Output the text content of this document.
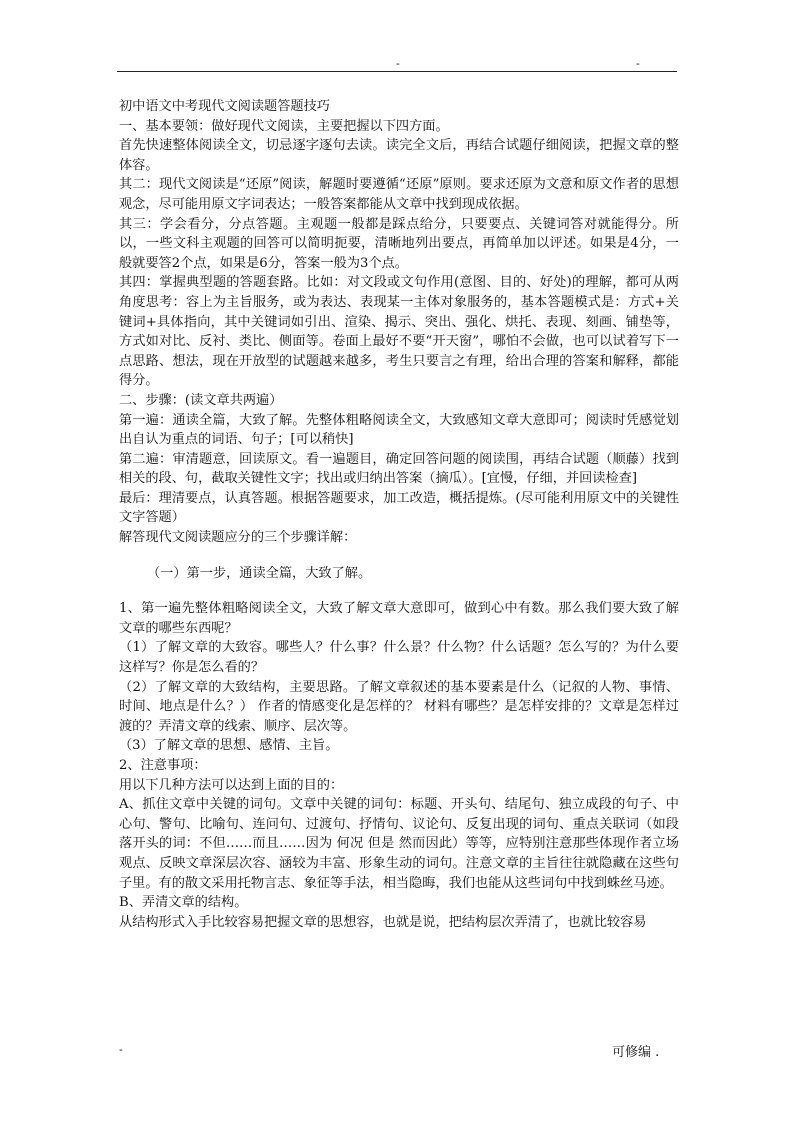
-	-

初中语文中考现代文阅读题答题技巧

一、基本要领：做好现代文阅读，主要把握以下四方面。

首先快速整体阅读全文，切忌逐字逐句去读。读完全文后，再结合试题仔细阅读，把握文章的整体容。

其二：现代文阅读是“还原”阅读，解题时要遵循“还原”原则。要求还原为文意和原文作者的思想观念，尽可能用原文字词表达；一般答案都能从文章中找到现成依据。

其三：学会看分，分点答题。主观题一般都是踩点给分，只要要点、关键词答对就能得分。所以，一些文科主观题的回答可以简明扼要，清晰地列出要点，再简单加以评述。如果是4分，一般就要答2个点，如果是6分，答案一般为3个点。

其四：掌握典型题的答题套路。比如：对文段或文句作用(意图、目的、好处)的理解，都可从两角度思考：容上为主旨服务，或为表达、表现某一主体对象服务的，基本答题模式是：方式+关键词+具体指向，其中关键词如引出、渲染、揭示、突出、强化、烘托、表现、刻画、铺垫等，方式如对比、反衬、类比、侧面等。卷面上最好不要“开天窗”，哪怕不会做，也可以试着写下一点思路、想法，现在开放型的试题越来越多，考生只要言之有理，给出合理的答案和解释，都能得分。

二、步骤：(读文章共两遍）

第一遍：通读全篇，大致了解。先整体粗略阅读全文，大致感知文章大意即可；阅读时凭感觉划出自认为重点的词语、句子；[可以稍快]

第二遍：审清题意，回读原文。看一遍题目，确定回答问题的阅读围，再结合试题（顺藤）找到相关的段、句，截取关键性文字；找出或归纳出答案（摘瓜）。[宜慢，仔细，并回读检查]

最后：理清要点，认真答题。根据答题要求，加工改造，概括提炼。(尽可能利用原文中的关键性文字答题）

解答现代文阅读题应分的三个步骤详解：

（一）第一步，通读全篇，大致了解。

1、第一遍先整体粗略阅读全文，大致了解文章大意即可，做到心中有数。那么我们要大致了解文章的哪些东西呢？

（1）了解文章的大致容。哪些人？什么事？什么景？什么物？什么话题？怎么写的？为什么要这样写？你是怎么看的？

（2）了解文章的大致结构，主要思路。了解文章叙述的基本要素是什么（记叙的人物、事情、时间、地点是什么？） 作者的情感变化是怎样的？ 材料有哪些？是怎样安排的？文章是怎样过渡的？弄清文章的线索、顺序、层次等。

（3）了解文章的思想、感情、主旨。

2、注意事项：

用以下几种方法可以达到上面的目的：

A、抓住文章中关键的词句。文章中关键的词句：标题、开头句、结尾句、独立成段的句子、中心句、警句、比喻句、连问句、过渡句、抒情句、议论句、反复出现的词句、重点关联词（如段落开头的词：不但……而且……因为 何况 但是 然而因此）等等，应特别注意那些体现作者立场观点、反映文章深层次容、涵较为丰富、形象生动的词句。注意文章的主旨往往就隐藏在这些句子里。有的散文采用托物言志、象征等手法，相当隐晦，我们也能从这些词句中找到蛛丝马迹。

B、弄清文章的结构。

从结构形式入手比较容易把握文章的思想容，也就是说，把结构层次弄清了，也就比较容易

-	可修编 .
